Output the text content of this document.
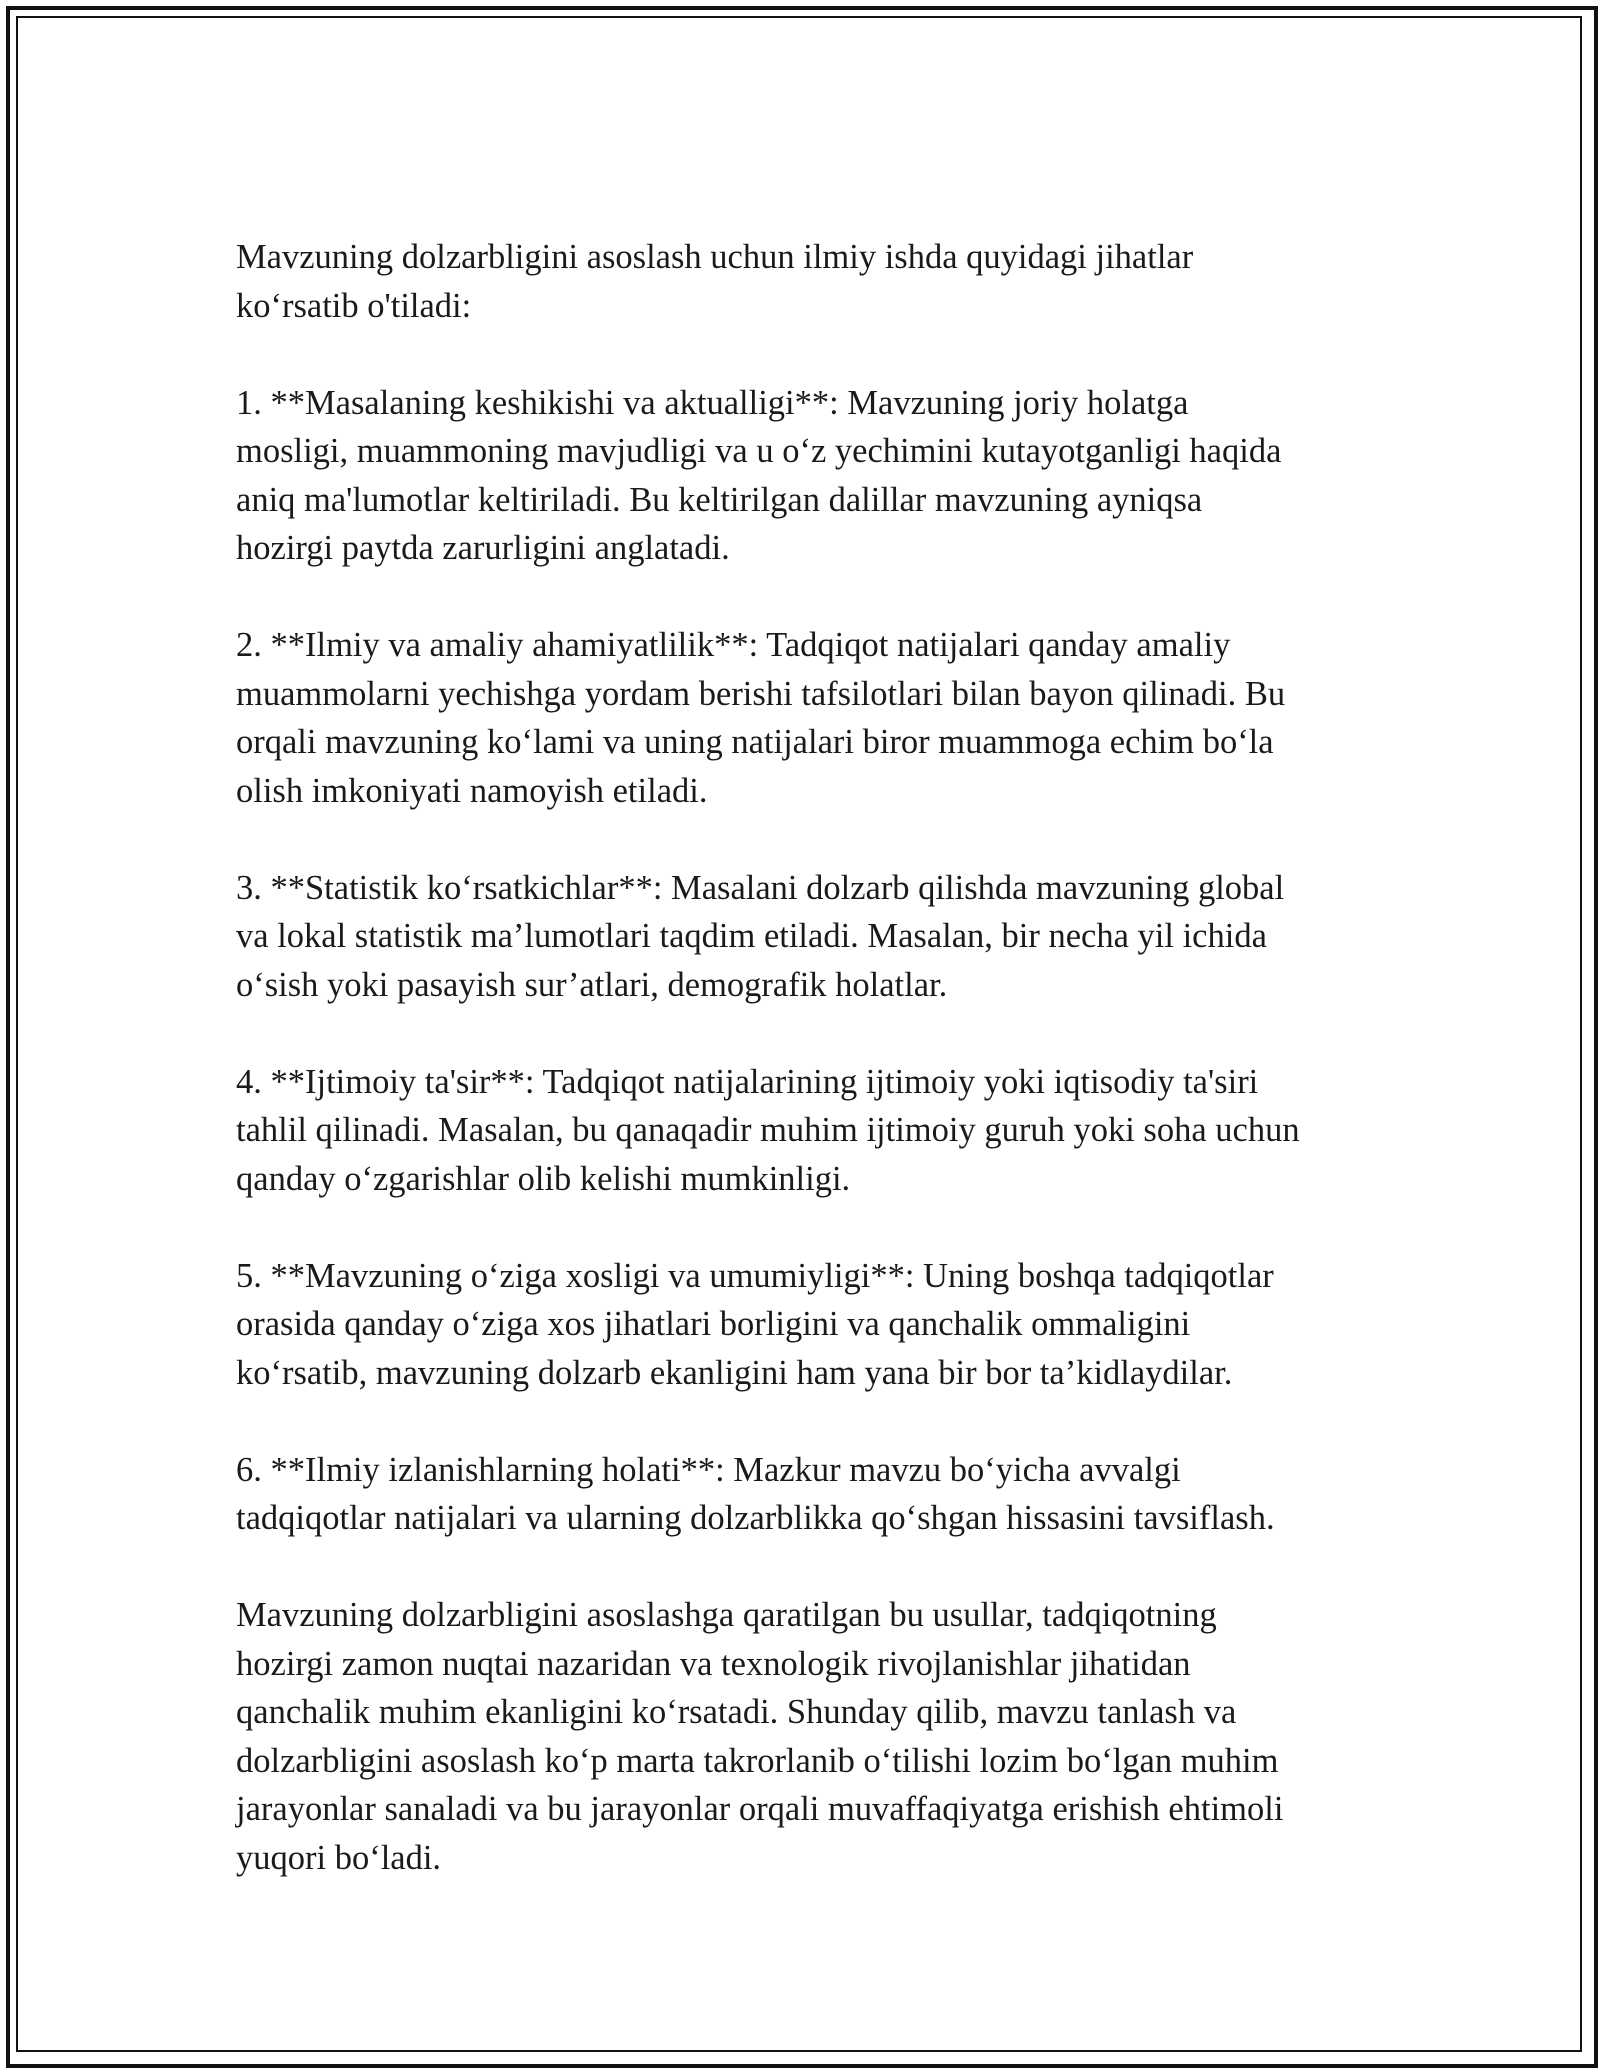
Mavzuning dolzarbligini asoslash uchun ilmiy ishda quyidagi jihatlar
ko‘rsatib o'tiladi:

1. **Masalaning keshikishi va aktualligi**: Mavzuning joriy holatga
mosligi, muammoning mavjudligi va u o‘z yechimini kutayotganligi haqida
aniq ma'lumotlar keltiriladi. Bu keltirilgan dalillar mavzuning ayniqsa
hozirgi paytda zarurligini anglatadi.

2. **Ilmiy va amaliy ahamiyatlilik**: Tadqiqot natijalari qanday amaliy
muammolarni yechishga yordam berishi tafsilotlari bilan bayon qilinadi. Bu
orqali mavzuning ko‘lami va uning natijalari biror muammoga echim bo‘la
olish imkoniyati namoyish etiladi.

3. **Statistik ko‘rsatkichlar**: Masalani dolzarb qilishda mavzuning global
va lokal statistik ma’lumotlari taqdim etiladi. Masalan, bir necha yil ichida
o‘sish yoki pasayish sur’atlari, demografik holatlar.

4. **Ijtimoiy ta'sir**: Tadqiqot natijalarining ijtimoiy yoki iqtisodiy ta'siri
tahlil qilinadi. Masalan, bu qanaqadir muhim ijtimoiy guruh yoki soha uchun
qanday o‘zgarishlar olib kelishi mumkinligi.

5. **Mavzuning o‘ziga xosligi va umumiyligi**: Uning boshqa tadqiqotlar
orasida qanday o‘ziga xos jihatlari borligini va qanchalik ommaligini
ko‘rsatib, mavzuning dolzarb ekanligini ham yana bir bor ta’kidlaydilar.

6. **Ilmiy izlanishlarning holati**: Mazkur mavzu bo‘yicha avvalgi
tadqiqotlar natijalari va ularning dolzarblikka qo‘shgan hissasini tavsiflash.

Mavzuning dolzarbligini asoslashga qaratilgan bu usullar, tadqiqotning
hozirgi zamon nuqtai nazaridan va texnologik rivojlanishlar jihatidan
qanchalik muhim ekanligini ko‘rsatadi. Shunday qilib, mavzu tanlash va
dolzarbligini asoslash ko‘p marta takrorlanib o‘tilishi lozim bo‘lgan muhim
jarayonlar sanaladi va bu jarayonlar orqali muvaffaqiyatga erishish ehtimoli
yuqori bo‘ladi.
